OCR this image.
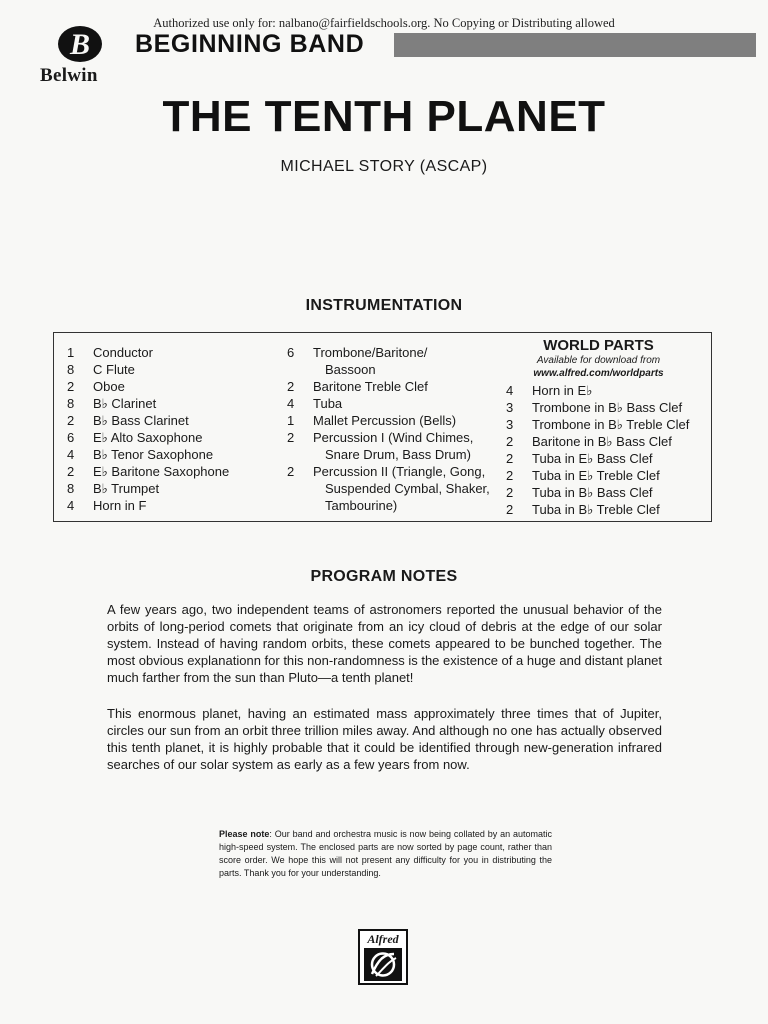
Authorized use only for: nalbano@fairfieldschools.org. No Copying or Distributing allowed
B
Belwin
BEGINNING BAND
THE TENTH PLANET
MICHAEL STORY (ASCAP)
INSTRUMENTATION
1	Conductor
8	C Flute
2	Oboe
8	B♭ Clarinet
2	B♭ Bass Clarinet
6	E♭ Alto Saxophone
4	B♭ Tenor Saxophone
2	E♭ Baritone Saxophone
8	B♭ Trumpet
4	Horn in F
6	Trombone/Baritone/
Bassoon
2	Baritone Treble Clef
4	Tuba
1	Mallet Percussion (Bells)
2	Percussion I (Wind Chimes,
Snare Drum, Bass Drum)
2	Percussion II (Triangle, Gong,
Suspended Cymbal, Shaker,
Tambourine)
WORLD PARTS
Available for download from
www.alfred.com/worldparts
4	Horn in E♭
3	Trombone in B♭ Bass Clef
3	Trombone in B♭ Treble Clef
2	Baritone in B♭ Bass Clef
2	Tuba in E♭ Bass Clef
2	Tuba in E♭ Treble Clef
2	Tuba in B♭ Bass Clef
2	Tuba in B♭ Treble Clef
PROGRAM NOTES

A few years ago, two independent teams of astronomers reported the unusual behavior of the orbits of long-period comets that originate from an icy cloud of debris at the edge of our solar system. Instead of having random orbits, these comets appeared to be bunched together. The most obvious explanationn for this non-randomness is the existence of a huge and distant planet much farther from the sun than Pluto—a tenth planet!

This enormous planet, having an estimated mass approximately three times that of Jupiter, circles our sun from an orbit three trillion miles away. And although no one has actually observed this tenth planet, it is highly probable that it could be identified through new-generation infrared searches of our solar system as early as a few years from now.

Please note: Our band and orchestra music is now being collated by an automatic high-speed system. The enclosed parts are now sorted by page count, rather than score order. We hope this will not present any difficulty for you in distributing the parts. Thank you for your understanding.

Alfred
